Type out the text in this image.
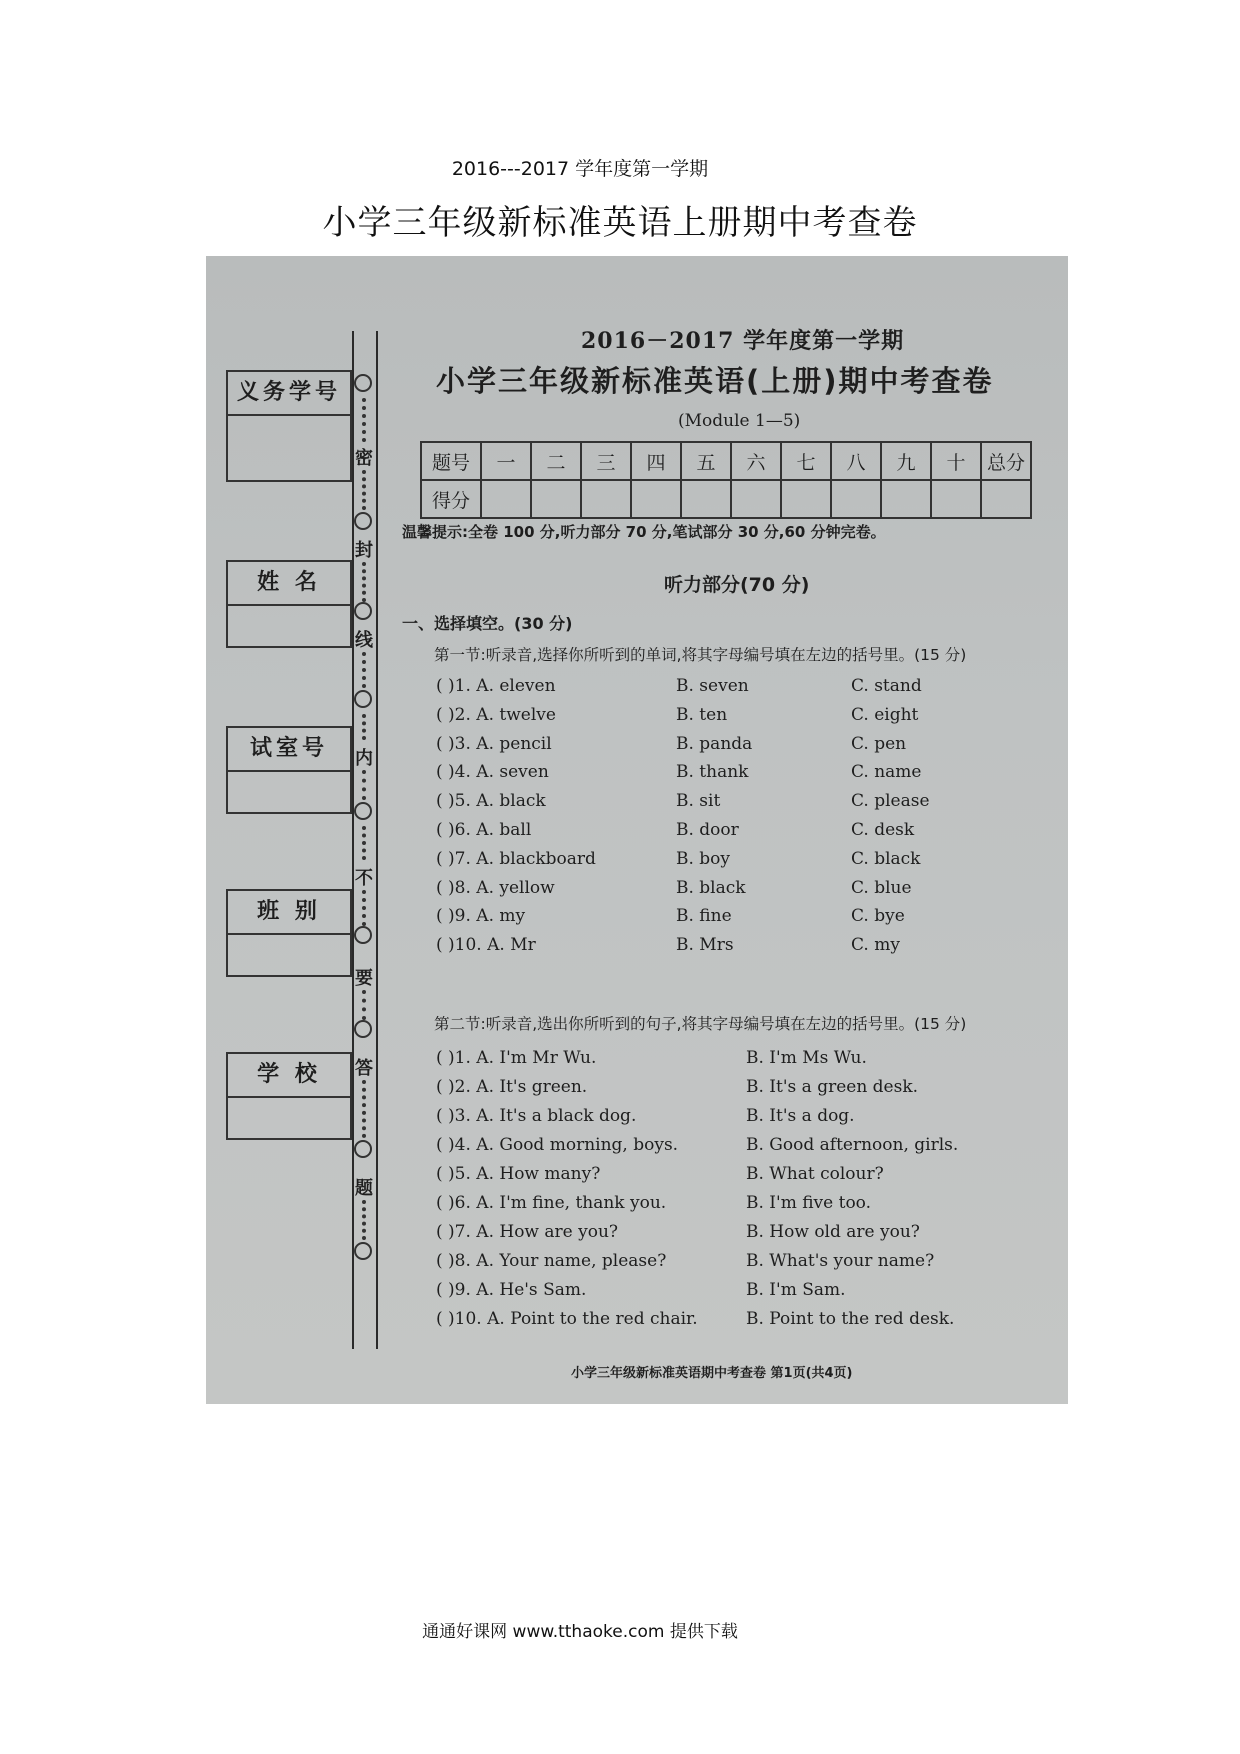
2016---2017 学年度第一学期
小学三年级新标准英语上册期中考查卷
密
封
线
内
不
要
答
题
义务学号
姓 名
试室号
班 别
学 校
2016－2017 学年度第一学期
小学三年级新标准英语(上册)期中考查卷
(Module 1—5)
题号	一	二	三	四	五	六	七	八	九	十	总分
得分											
温馨提示:全卷 100 分,听力部分 70 分,笔试部分 30 分,60 分钟完卷。
听力部分(70 分)
一、选择填空。(30 分)
第一节:听录音,选择你所听到的单词,将其字母编号填在左边的括号里。(15 分)
第二节:听录音,选出你所听到的句子,将其字母编号填在左边的括号里。(15 分)
小学三年级新标准英语期中考查卷 第1页(共4页)
( )1. A. eleven	B. seven	C. stand
( )2. A. twelve	B. ten	C. eight
( )3. A. pencil	B. panda	C. pen
( )4. A. seven	B. thank	C. name
( )5. A. black	B. sit	C. please
( )6. A. ball	B. door	C. desk
( )7. A. blackboard	B. boy	C. black
( )8. A. yellow	B. black	C. blue
( )9. A. my	B. fine	C. bye
( )10. A. Mr	B. Mrs	C. my
( )1. A. I'm Mr Wu.	B. I'm Ms Wu.
( )2. A. It's green.	B. It's a green desk.
( )3. A. It's a black dog.	B. It's a dog.
( )4. A. Good morning, boys.	B. Good afternoon, girls.
( )5. A. How many?	B. What colour?
( )6. A. I'm fine, thank you.	B. I'm five too.
( )7. A. How are you?	B. How old are you?
( )8. A. Your name, please?	B. What's your name?
( )9. A. He's Sam.	B. I'm Sam.
( )10. A. Point to the red chair.	B. Point to the red desk.
通通好课网 www.tthaoke.com 提供下载
